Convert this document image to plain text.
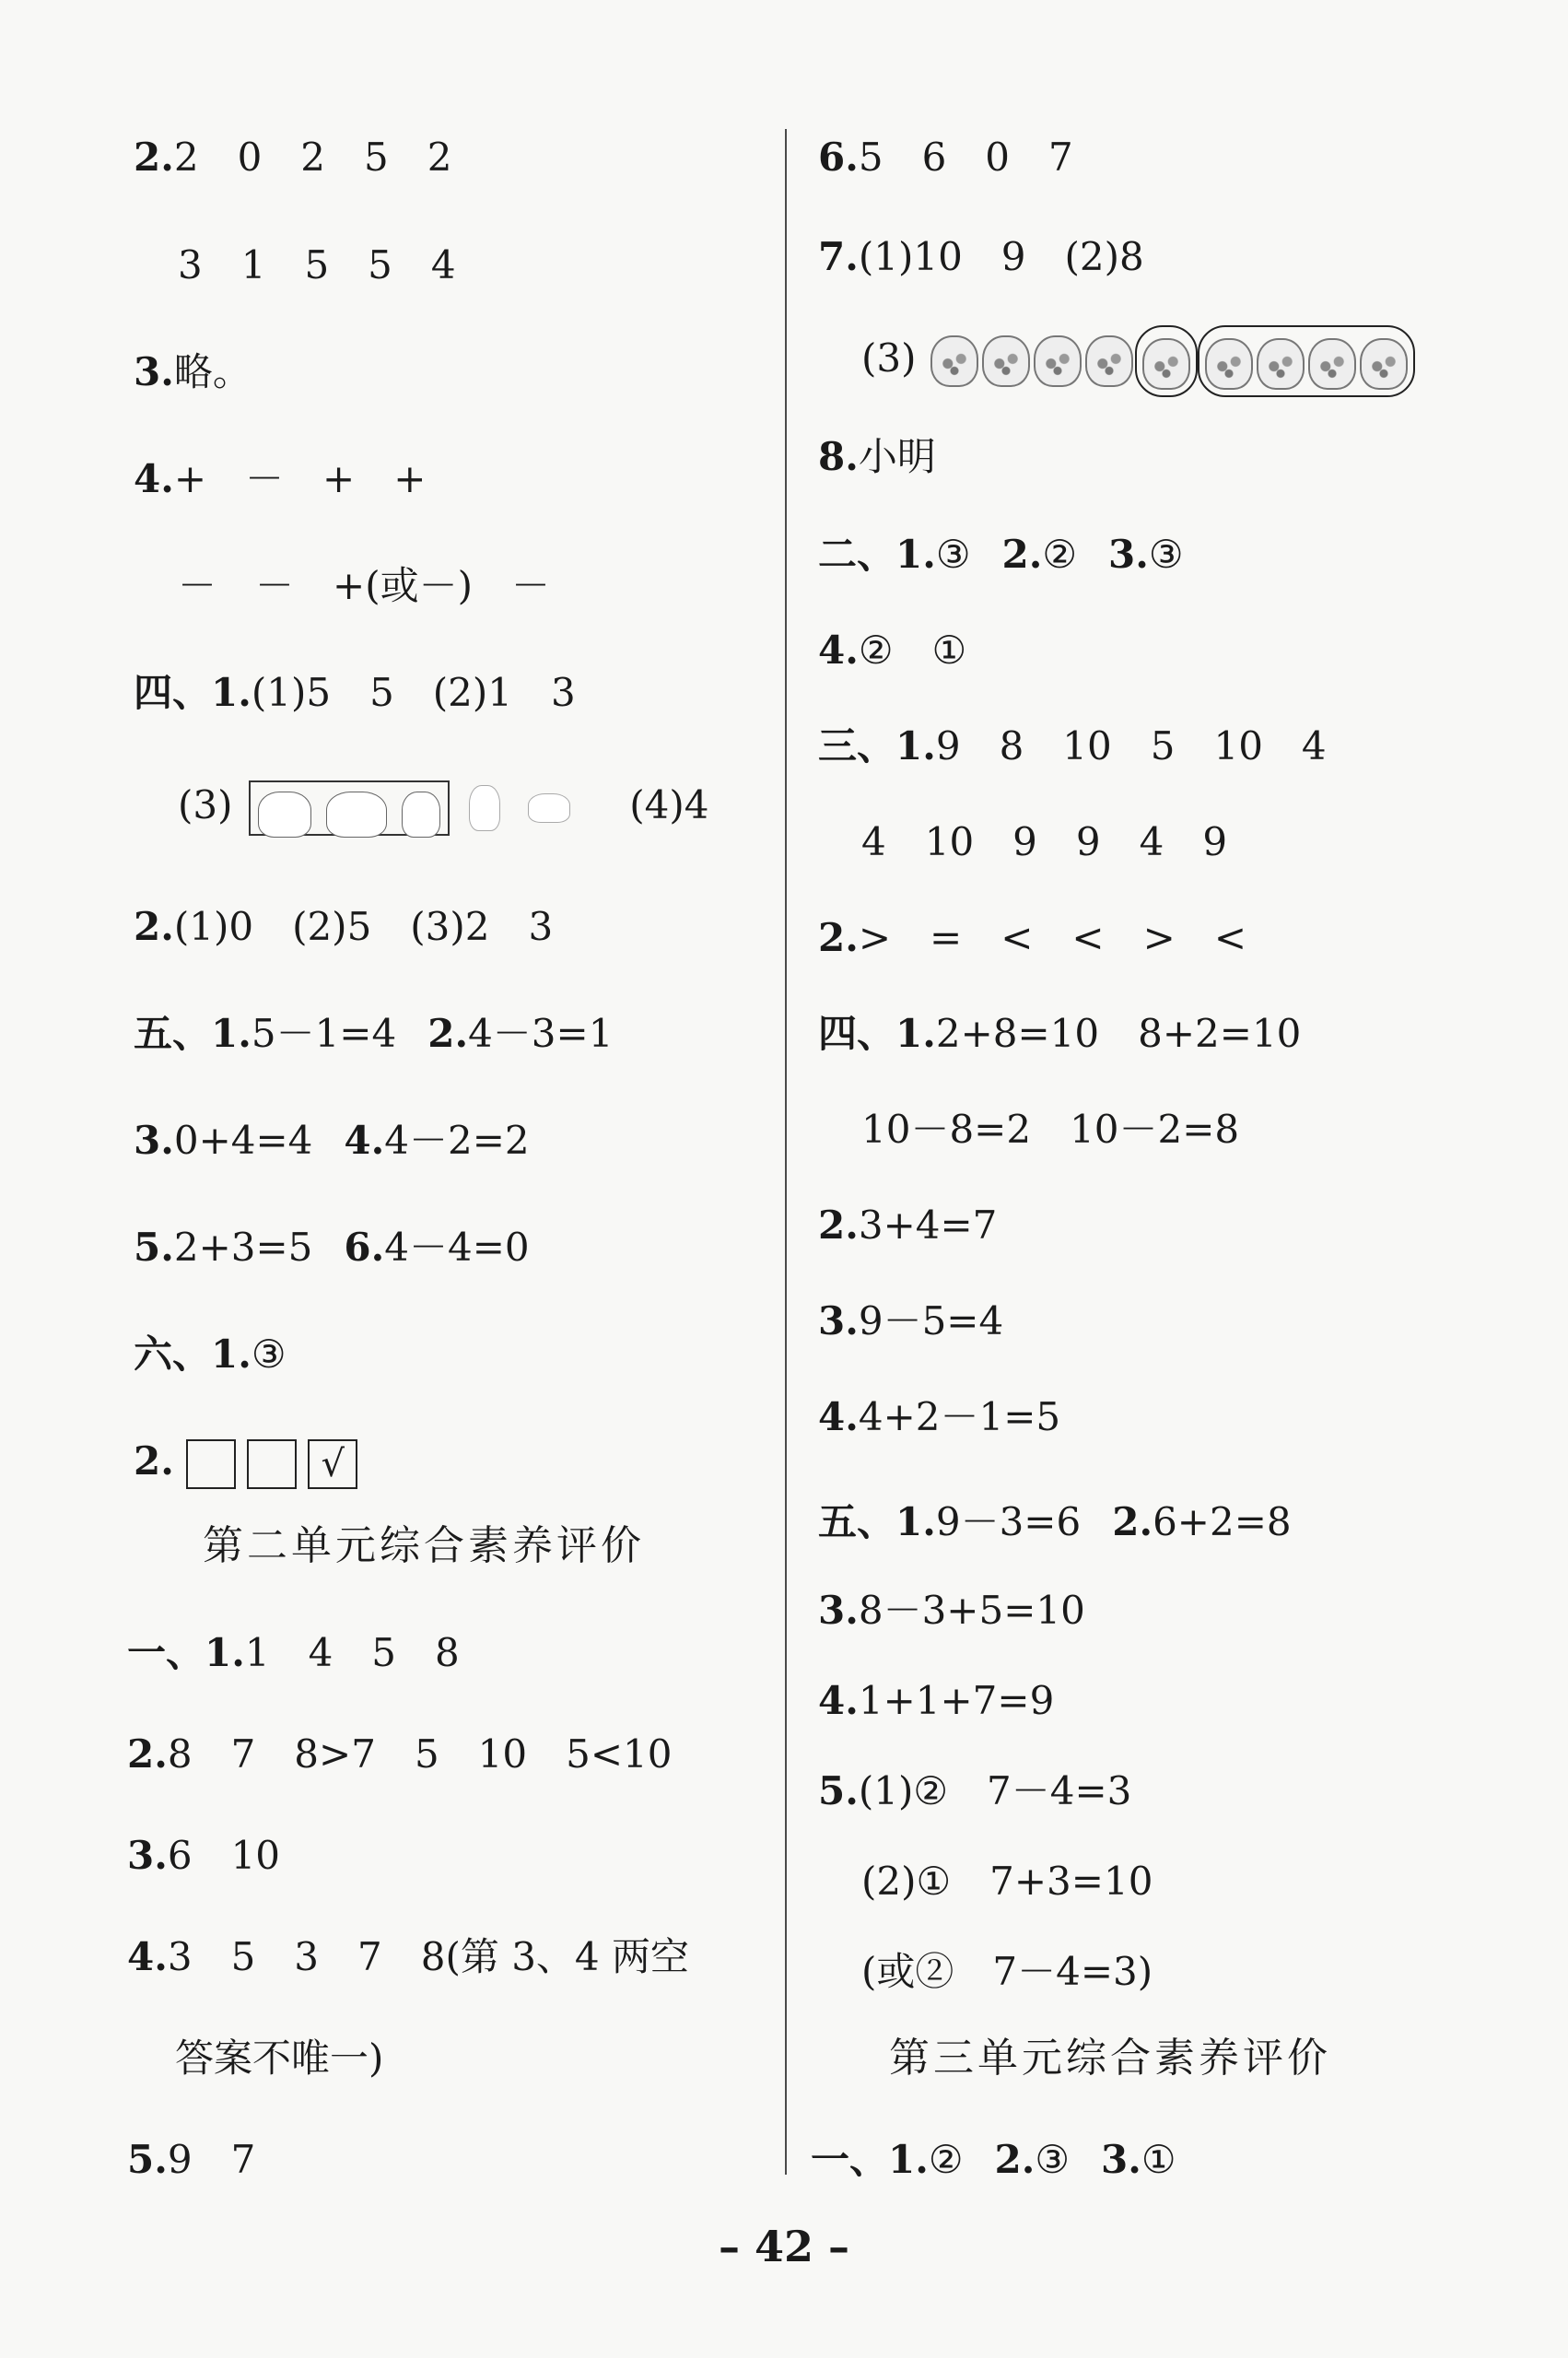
2.2　0　2　5　2
3　1　5　5　4
3.略。
4.+　－　+　+
－　－　+(或－)　－
四、1.(1)5　5　(2)1　3
(3)	(4)4
2.(1)0　(2)5　(3)2　3
五、1.5－1=4 2.4－3=1
3.0+4=4 4.4－2=2
5.2+3=5 6.4－4=0
六、1.③
2.	√
第二单元综合素养评价
一、1.1　4　5　8
2.8　7　8>7　5　10　5<10
3.6　10
4.3　5　3　7　8(第 3、4 两空
答案不唯一)
5.9　7
6.5　6　0　7
7.(1)10　9　(2)8
(3)
8.小明
二、1.③ 2.② 3.③
4.②　①
三、1.9　8　10　5　10　4
4　10　9　9　4　9
2.>　=　<　<　>　<
四、1.2+8=10　8+2=10
10－8=2　10－2=8
2.3+4=7
3.9－5=4
4.4+2－1=5
五、1.9－3=6 2.6+2=8
3.8－3+5=10
4.1+1+7=9
5.(1)②　7－4=3
(2)①　7+3=10
(或②　7－4=3)
第三单元综合素养评价
一、1.② 2.③ 3.①
– 42 –
